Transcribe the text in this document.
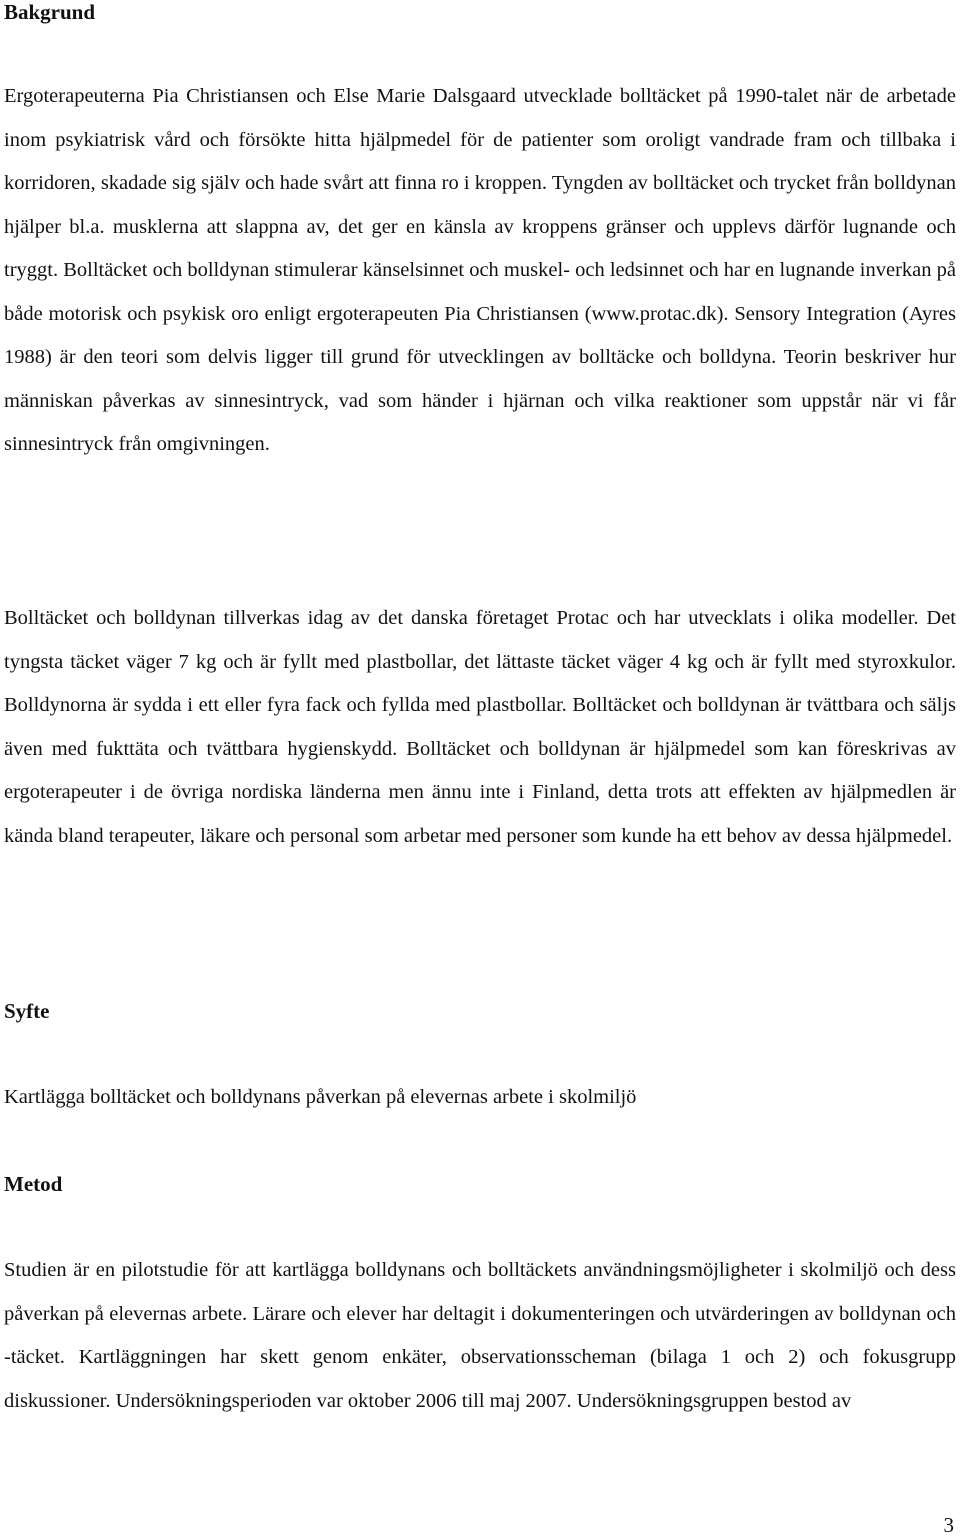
Bakgrund

Ergoterapeuterna Pia Christiansen och Else Marie Dalsgaard utvecklade bolltäcket på 1990-talet när de arbetade inom psykiatrisk vård och försökte hitta hjälpmedel för de patienter som oroligt vandrade fram och tillbaka i korridoren, skadade sig själv och hade svårt att finna ro i kroppen. Tyngden av bolltäcket och trycket från bolldynan hjälper bl.a. musklerna att slappna av, det ger en känsla av kroppens gränser och upplevs därför lugnande och tryggt. Bolltäcket och bolldynan stimulerar känselsinnet och muskel- och ledsinnet och har en lugnande inverkan på både motorisk och psykisk oro enligt ergoterapeuten Pia Christiansen (www.protac.dk). Sensory Integration (Ayres 1988) är den teori som delvis ligger till grund för utvecklingen av bolltäcke och bolldyna. Teorin beskriver hur människan påverkas av sinnesintryck, vad som händer i hjärnan och vilka reaktioner som uppstår när vi får sinnesintryck från omgivningen.

Bolltäcket och bolldynan tillverkas idag av det danska företaget Protac och har utvecklats i olika modeller. Det tyngsta täcket väger 7 kg och är fyllt med plastbollar, det lättaste täcket väger 4 kg och är fyllt med styroxkulor. Bolldynorna är sydda i ett eller fyra fack och fyllda med plastbollar. Bolltäcket och bolldynan är tvättbara och säljs även med fukttäta och tvättbara hygienskydd. Bolltäcket och bolldynan är hjälpmedel som kan föreskrivas av ergoterapeuter i de övriga nordiska länderna men ännu inte i Finland, detta trots att effekten av hjälpmedlen är kända bland terapeuter, läkare och personal som arbetar med personer som kunde ha ett behov av dessa hjälpmedel.

Syfte

Kartlägga bolltäcket och bolldynans påverkan på elevernas arbete i skolmiljö

Metod

Studien är en pilotstudie för att kartlägga bolldynans och bolltäckets användningsmöjligheter i skolmiljö och dess påverkan på elevernas arbete. Lärare och elever har deltagit i dokumenteringen och utvärderingen av bolldynan och -täcket. Kartläggningen har skett genom enkäter, observationsscheman (bilaga 1 och 2) och fokusgrupp diskussioner. Undersökningsperioden var oktober 2006 till maj 2007. Undersökningsgruppen bestod av

3
